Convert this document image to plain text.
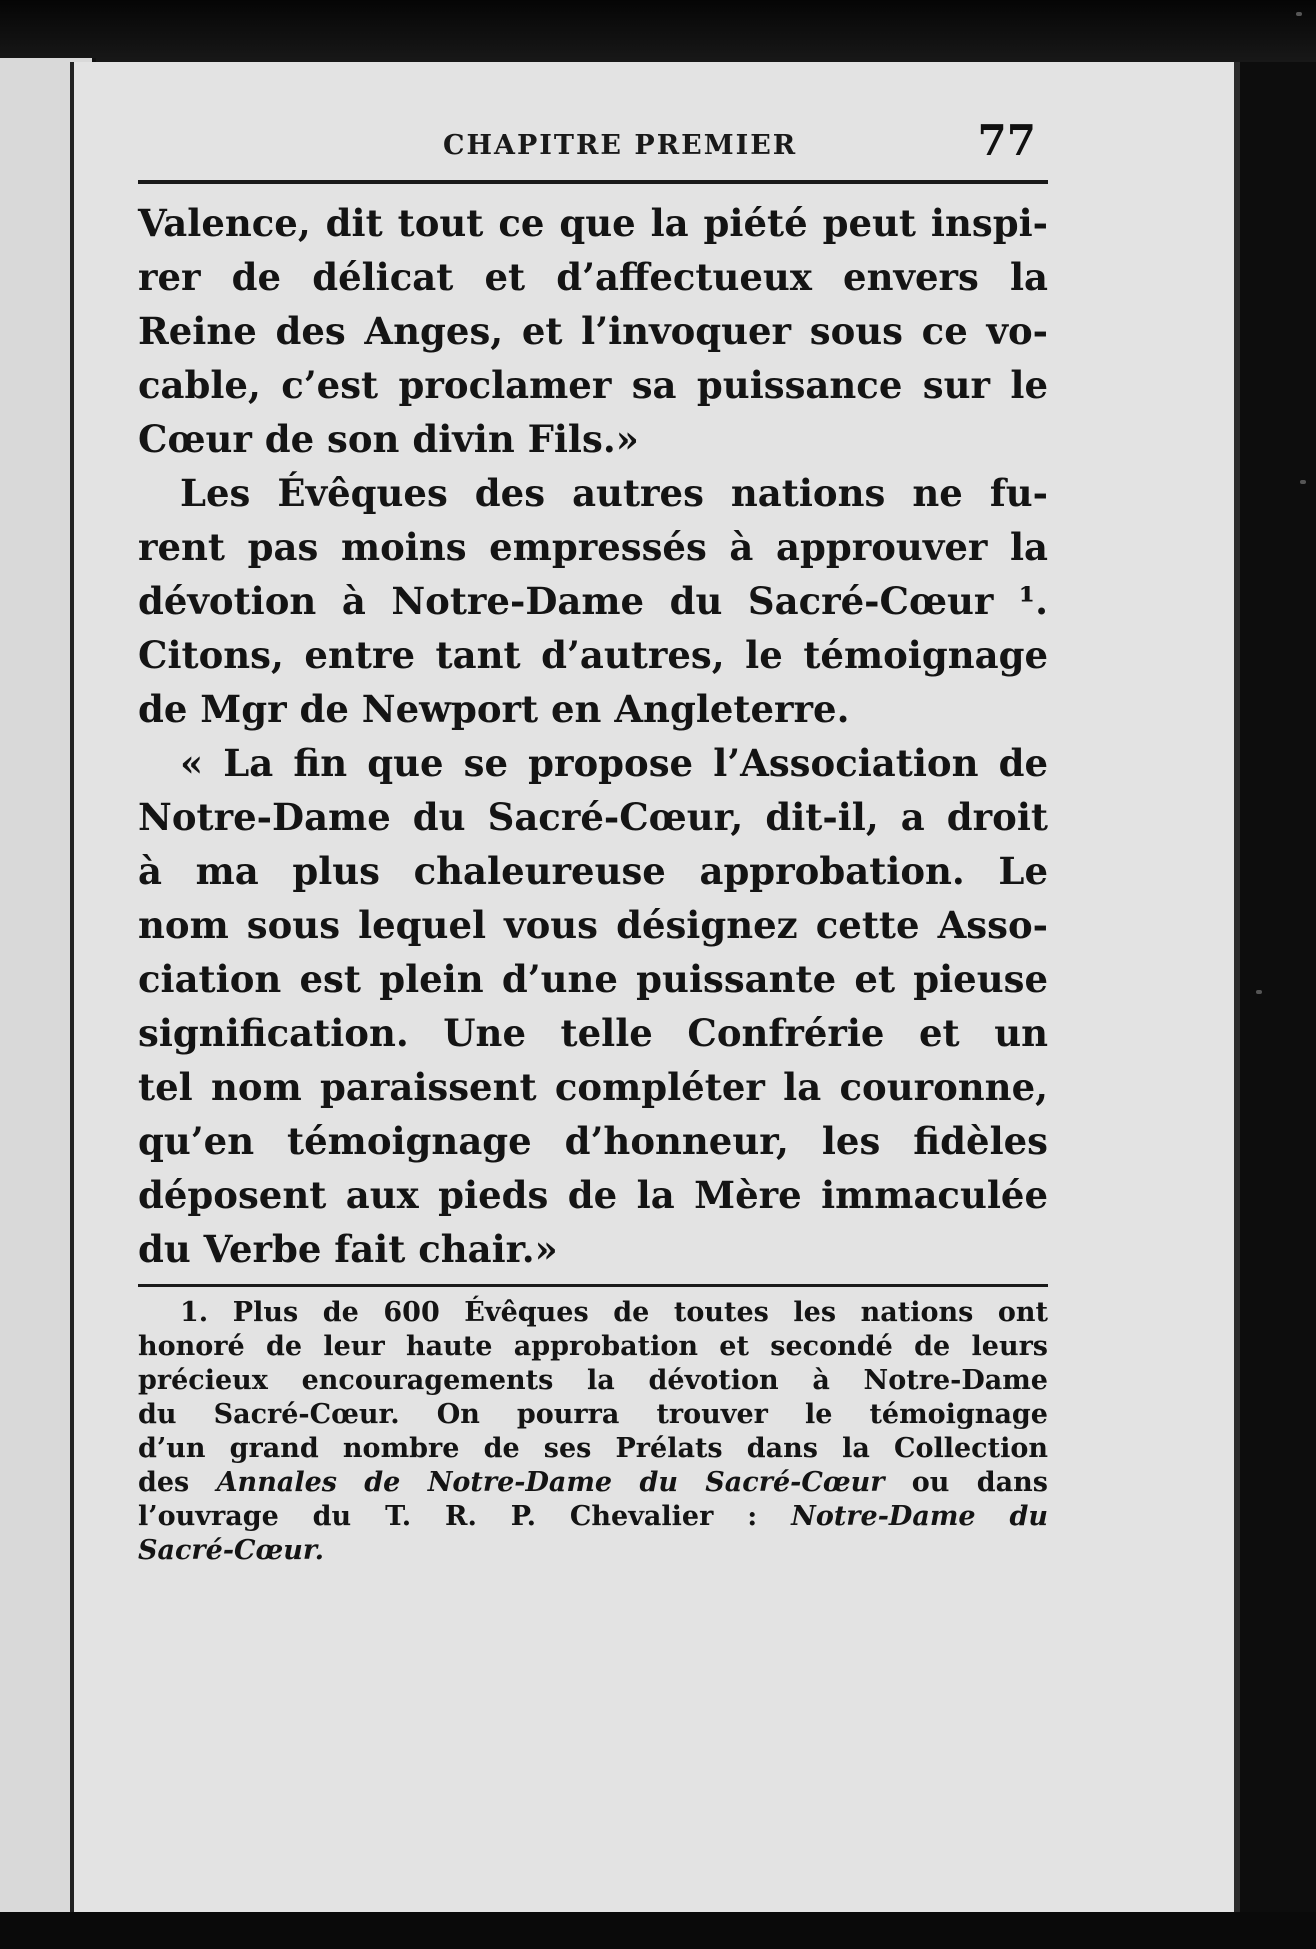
CHAPITRE PREMIER	77
Valence, dit tout ce que la piété peut inspi-
rer de délicat et d’affectueux envers la
Reine des Anges, et l’invoquer sous ce vo-
cable, c’est proclamer sa puissance sur le
Cœur de son divin Fils.»
Les Évêques des autres nations ne fu-
rent pas moins empressés à approuver la
dévotion à Notre-Dame du Sacré-Cœur ¹.
Citons, entre tant d’autres, le témoignage
de Mgr de Newport en Angleterre.
« La fin que se propose l’Association de
Notre-Dame du Sacré-Cœur, dit-il, a droit
à ma plus chaleureuse approbation. Le
nom sous lequel vous désignez cette Asso-
ciation est plein d’une puissante et pieuse
signification. Une telle Confrérie et un
tel nom paraissent compléter la couronne,
qu’en témoignage d’honneur, les fidèles
déposent aux pieds de la Mère immaculée
du Verbe fait chair.»
1. Plus de 600 Évêques de toutes les nations ont
honoré de leur haute approbation et secondé de leurs
précieux encouragements la dévotion à Notre-Dame
du Sacré-Cœur. On pourra trouver le témoignage
d’un grand nombre de ses Prélats dans la Collection
des Annales de Notre-Dame du Sacré-Cœur ou dans
l’ouvrage du T. R. P. Chevalier : Notre-Dame du
Sacré-Cœur.
